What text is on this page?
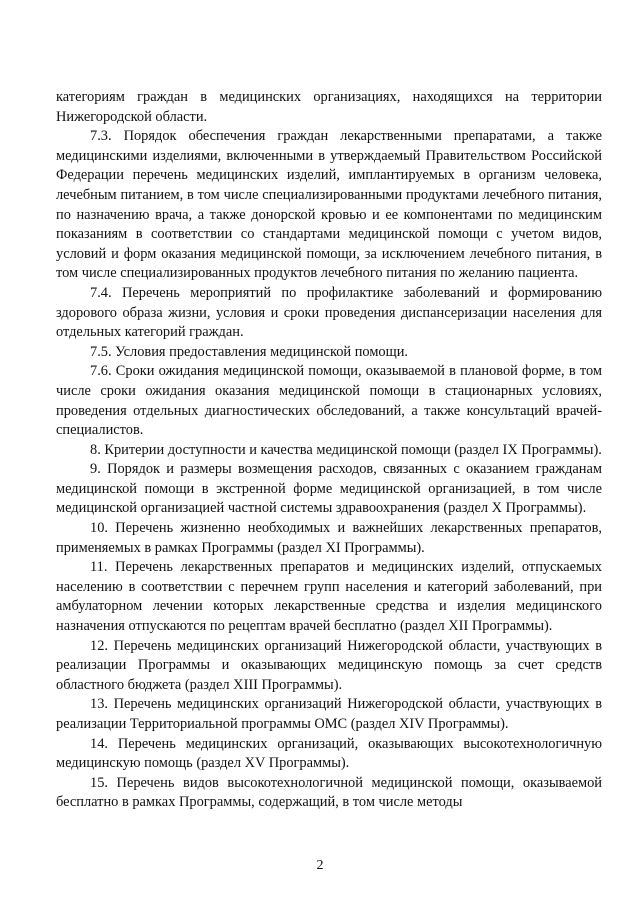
категориям граждан в медицинских организациях, находящихся на территории Нижегородской области.

7.3. Порядок обеспечения граждан лекарственными препаратами, а также медицинскими изделиями, включенными в утверждаемый Правительством Российской Федерации перечень медицинских изделий, имплантируемых в организм человека, лечебным питанием, в том числе специализированными продуктами лечебного питания, по назначению врача, а также донорской кровью и ее компонентами по медицинским показаниям в соответствии со стандартами медицинской помощи с учетом видов, условий и форм оказания медицинской помощи, за исключением лечебного питания, в том числе специализированных продуктов лечебного питания по желанию пациента.

7.4. Перечень мероприятий по профилактике заболеваний и формированию здорового образа жизни, условия и сроки проведения диспансеризации населения для отдельных категорий граждан.

7.5. Условия предоставления медицинской помощи.

7.6. Сроки ожидания медицинской помощи, оказываемой в плановой форме, в том числе сроки ожидания оказания медицинской помощи в стационарных условиях, проведения отдельных диагностических обследований, а также консультаций врачей-специалистов.

8. Критерии доступности и качества медицинской помощи (раздел IX Программы).

9. Порядок и размеры возмещения расходов, связанных с оказанием гражданам медицинской помощи в экстренной форме медицинской организацией, в том числе медицинской организацией частной системы здравоохранения (раздел X Программы).

10. Перечень жизненно необходимых и важнейших лекарственных препаратов, применяемых в рамках Программы (раздел XI Программы).

11. Перечень лекарственных препаратов и медицинских изделий, отпускаемых населению в соответствии с перечнем групп населения и категорий заболеваний, при амбулаторном лечении которых лекарственные средства и изделия медицинского назначения отпускаются по рецептам врачей бесплатно (раздел XII Программы).

12. Перечень медицинских организаций Нижегородской области, участвующих в реализации Программы и оказывающих медицинскую помощь за счет средств областного бюджета (раздел XIII Программы).

13. Перечень медицинских организаций Нижегородской области, участвующих в реализации Территориальной программы ОМС (раздел XIV Программы).

14. Перечень медицинских организаций, оказывающих высокотехнологичную медицинскую помощь (раздел XV Программы).

15. Перечень видов высокотехнологичной медицинской помощи, оказываемой бесплатно в рамках Программы, содержащий, в том числе методы

2
